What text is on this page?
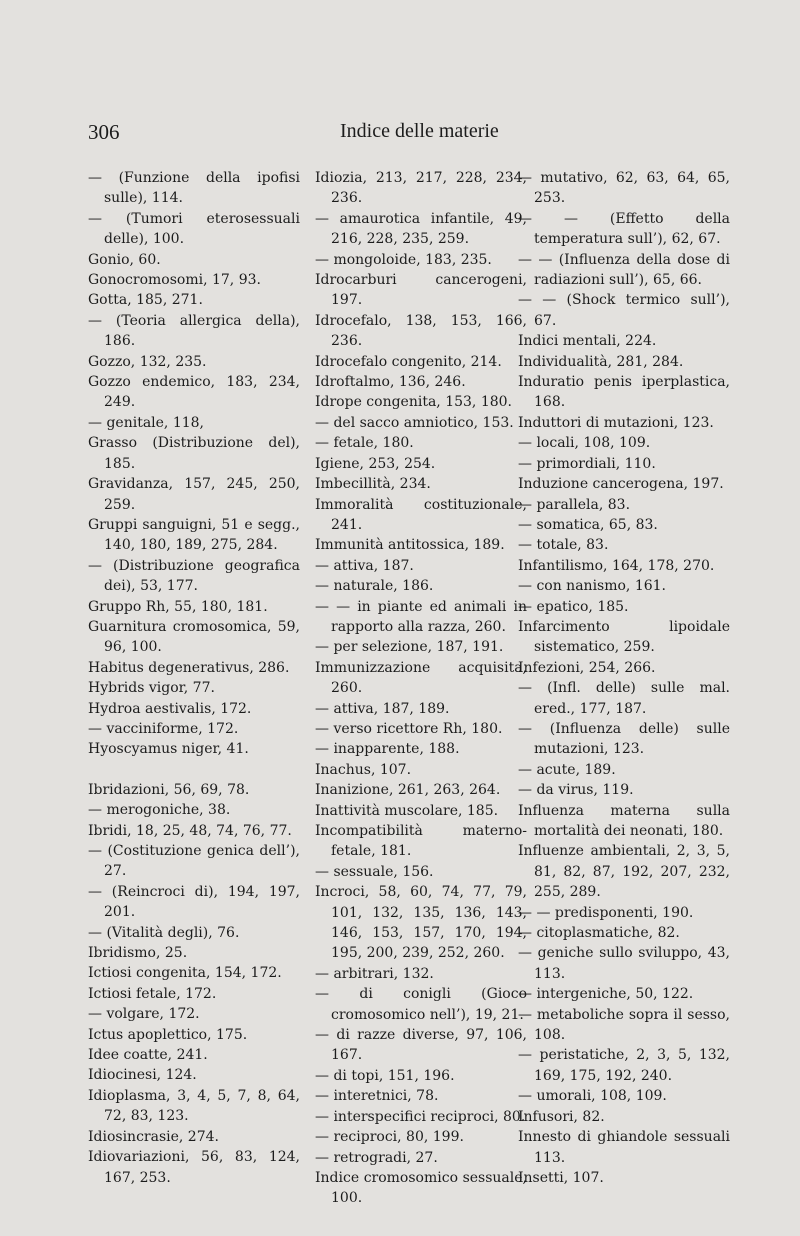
306	Indice delle materie
— (Funzione della ipofisi sulle), 114.
— (Tumori eterosessuali delle), 100.
Gonio, 60.
Gonocromosomi, 17, 93.
Gotta, 185, 271.
— (Teoria allergica della), 186.
Gozzo, 132, 235.
Gozzo endemico, 183, 234, 249.
— genitale, 118,
Grasso (Distribuzione del), 185.
Gravidanza, 157, 245, 250, 259.
Gruppi sanguigni, 51 e segg., 140, 180, 189, 275, 284.
— (Distribuzione geografica dei), 53, 177.
Gruppo Rh, 55, 180, 181.
Guarnitura cromosomica, 59, 96, 100.
Habitus degenerativus, 286.
Hybrids vigor, 77.
Hydroa aestivalis, 172.
— vacciniforme, 172.
Hyoscyamus niger, 41.
Ibridazioni, 56, 69, 78.
— merogoniche, 38.
Ibridi, 18, 25, 48, 74, 76, 77.
— (Costituzione genica dell’), 27.
— (Reincroci di), 194, 197, 201.
— (Vitalità degli), 76.
Ibridismo, 25.
Ictiosi congenita, 154, 172.
Ictiosi fetale, 172.
— volgare, 172.
Ictus apoplettico, 175.
Idee coatte, 241.
Idiocinesi, 124.
Idioplasma, 3, 4, 5, 7, 8, 64, 72, 83, 123.
Idiosincrasie, 274.
Idiovariazioni, 56, 83, 124, 167, 253.
Idiozia, 213, 217, 228, 234, 236.
— amaurotica infantile, 49, 216, 228, 235, 259.
— mongoloide, 183, 235.
Idrocarburi cancerogeni, 197.
Idrocefalo, 138, 153, 166, 236.
Idrocefalo congenito, 214.
Idroftalmo, 136, 246.
Idrope congenita, 153, 180.
— del sacco amniotico, 153.
— fetale, 180.
Igiene, 253, 254.
Imbecillità, 234.
Immoralità costituzionale, 241.
Immunità antitossica, 189.
— attiva, 187.
— naturale, 186.
— — in piante ed animali in rapporto alla razza, 260.
— per selezione, 187, 191.
Immunizzazione acquisita, 260.
— attiva, 187, 189.
— verso ricettore Rh, 180.
— inapparente, 188.
Inachus, 107.
Inanizione, 261, 263, 264.
Inattività muscolare, 185.
Incompatibilità materno-fetale, 181.
— sessuale, 156.
Incroci, 58, 60, 74, 77, 79, 101, 132, 135, 136, 143, 146, 153, 157, 170, 194, 195, 200, 239, 252, 260.
— arbitrari, 132.
— di conigli (Gioco cromosomico nell’), 19, 21.
— di razze diverse, 97, 106, 167.
— di topi, 151, 196.
— interetnici, 78.
— interspecifici reciproci, 80.
— reciproci, 80, 199.
— retrogradi, 27.
Indice cromosomico sessuale, 100.
— mutativo, 62, 63, 64, 65, 253.
— — (Effetto della temperatura sull’), 62, 67.
— — (Influenza della dose di radiazioni sull’), 65, 66.
— — (Shock termico sull’), 67.
Indici mentali, 224.
Individualità, 281, 284.
Induratio penis iperplastica, 168.
Induttori di mutazioni, 123.
— locali, 108, 109.
— primordiali, 110.
Induzione cancerogena, 197.
— parallela, 83.
— somatica, 65, 83.
— totale, 83.
Infantilismo, 164, 178, 270.
— con nanismo, 161.
— epatico, 185.
Infarcimento lipoidale sistematico, 259.
Infezioni, 254, 266.
— (Infl. delle) sulle mal. ered., 177, 187.
— (Influenza delle) sulle mutazioni, 123.
— acute, 189.
— da virus, 119.
Influenza materna sulla mortalità dei neonati, 180.
Influenze ambientali, 2, 3, 5, 81, 82, 87, 192, 207, 232, 255, 289.
— — predisponenti, 190.
— citoplasmatiche, 82.
— geniche sullo sviluppo, 43, 113.
— intergeniche, 50, 122.
— metaboliche sopra il sesso, 108.
— peristatiche, 2, 3, 5, 132, 169, 175, 192, 240.
— umorali, 108, 109.
Infusori, 82.
Innesto di ghiandole sessuali 113.
Insetti, 107.
